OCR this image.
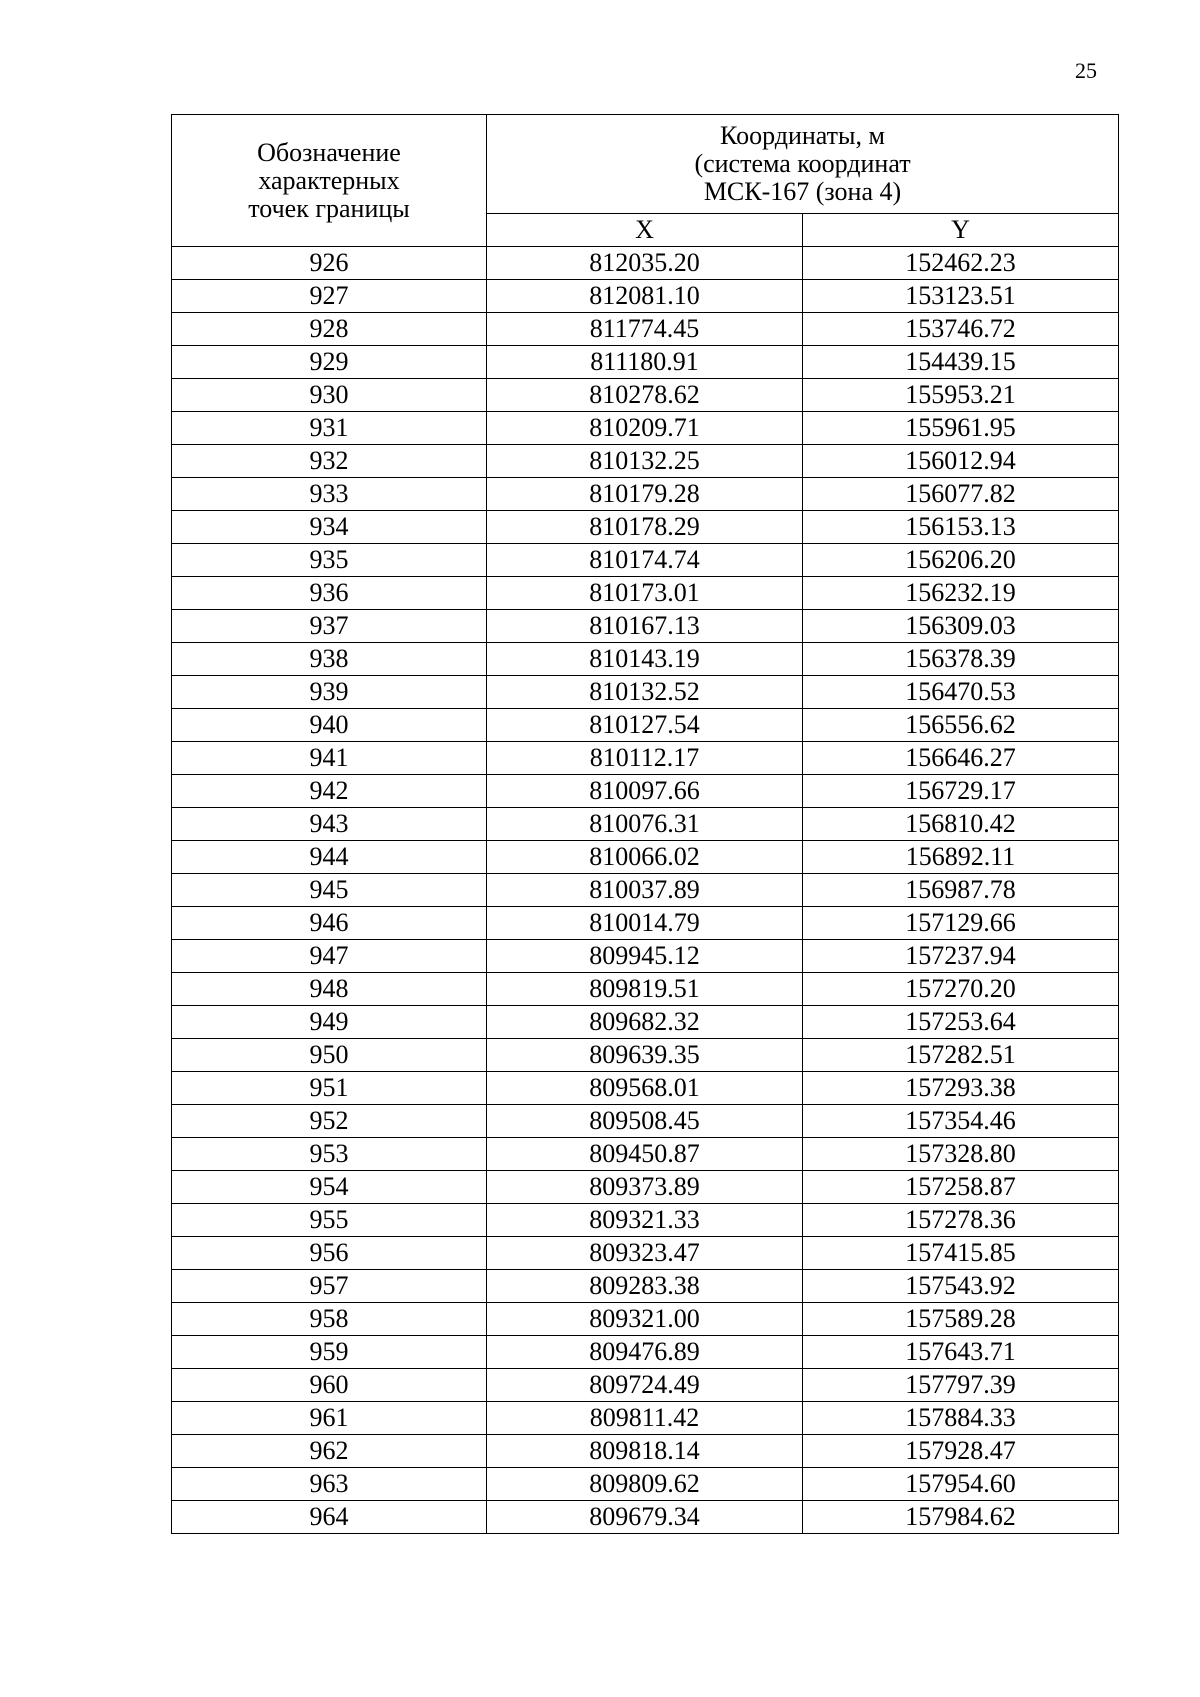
25
Обозначение
характерных
точек границы	Координаты, м
(система координат
МСК-167 (зона 4)	
	X	Y
926	812035.20	152462.23
927	812081.10	153123.51
928	811774.45	153746.72
929	811180.91	154439.15
930	810278.62	155953.21
931	810209.71	155961.95
932	810132.25	156012.94
933	810179.28	156077.82
934	810178.29	156153.13
935	810174.74	156206.20
936	810173.01	156232.19
937	810167.13	156309.03
938	810143.19	156378.39
939	810132.52	156470.53
940	810127.54	156556.62
941	810112.17	156646.27
942	810097.66	156729.17
943	810076.31	156810.42
944	810066.02	156892.11
945	810037.89	156987.78
946	810014.79	157129.66
947	809945.12	157237.94
948	809819.51	157270.20
949	809682.32	157253.64
950	809639.35	157282.51
951	809568.01	157293.38
952	809508.45	157354.46
953	809450.87	157328.80
954	809373.89	157258.87
955	809321.33	157278.36
956	809323.47	157415.85
957	809283.38	157543.92
958	809321.00	157589.28
959	809476.89	157643.71
960	809724.49	157797.39
961	809811.42	157884.33
962	809818.14	157928.47
963	809809.62	157954.60
964	809679.34	157984.62
